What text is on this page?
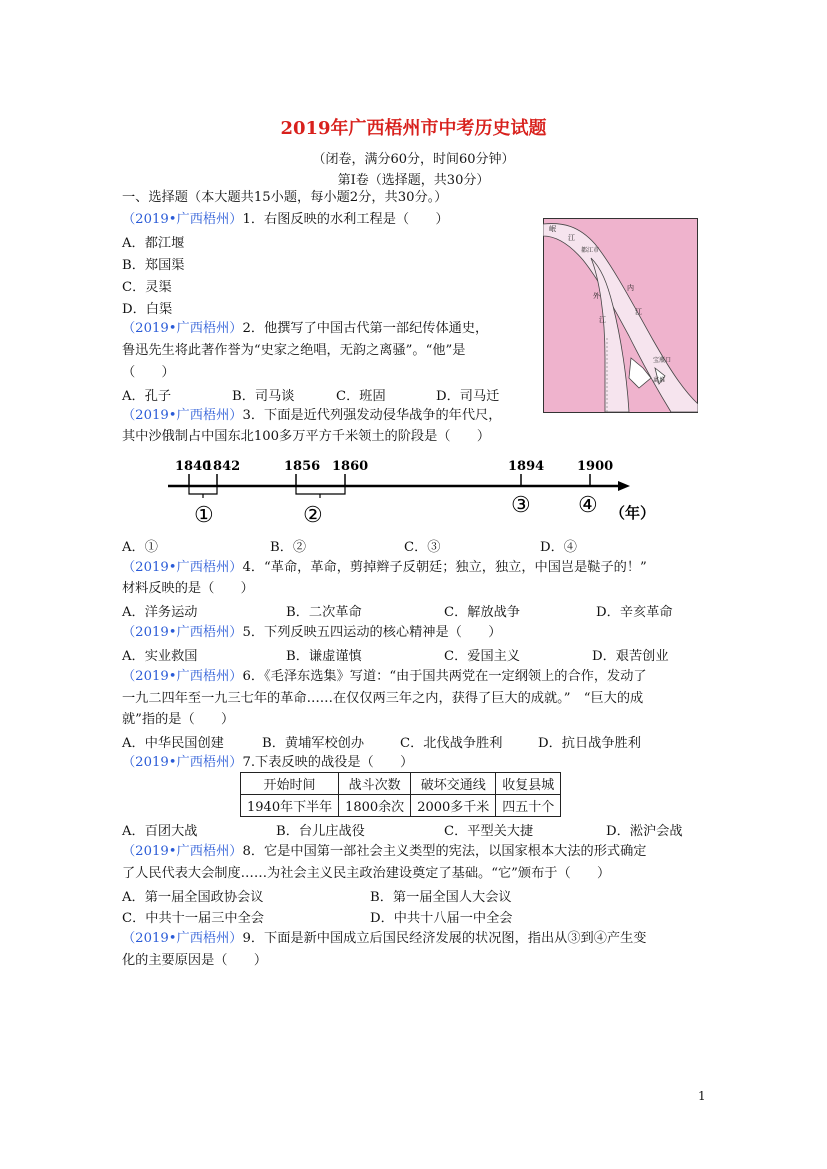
2019年广西梧州市中考历史试题
（闭卷，满分60分，时间60分钟）
第Ⅰ卷（选择题，共30分）
一、选择题（本大题共15小题，每小题2分，共30分。）
（2019•广西梧州）1．右图反映的水利工程是（　　）
A．都江堰
B．郑国渠
C．灵渠
D．白渠
岷
江
都江市
内
江
外
江
宝瓶口
离堆
（2019•广西梧州）2．他撰写了中国古代第一部纪传体通史，
鲁迅先生将此著作誉为“史家之绝唱，无韵之离骚”。“他”是
（　　）
A．孔子	B．司马谈	C．班固	D．司马迁
（2019•广西梧州）3．下面是近代列强发动侵华战争的年代尺，
其中沙俄制占中国东北100多万平方千米领土的阶段是（　　）
1840
1842	1856 1860	1894	1900
①	②	③ ④ （年）
A．①	B．②	C．③	D．④
（2019•广西梧州）4．“革命，革命，剪掉辫子反朝廷；独立，独立，中国岂是鞑子的！”
材料反映的是（　　）
A．洋务运动	B．二次革命	C．解放战争	D．辛亥革命
（2019•广西梧州）5．下列反映五四运动的核心精神是（　　）
A．实业救国	B．谦虚谨慎	C．爱国主义	D．艰苦创业
（2019•广西梧州）6．《毛泽东选集》写道：“由于国共两党在一定纲领上的合作，发动了
一九二四年至一九三七年的革命……在仅仅两三年之内，获得了巨大的成就。”　“巨大的成
就”指的是（　　）
A．中华民国创建	B．黄埔军校创办	C．北伐战争胜利	D．抗日战争胜利
（2019•广西梧州）7.下表反映的战役是（　　）
开始时间	战斗次数	破坏交通线	收复县城
1940年下半年	1800余次	2000多千米	四五十个
A．百团大战	B．台儿庄战役	C．平型关大捷	D．淞沪会战
（2019•广西梧州）8．它是中国第一部社会主义类型的宪法，以国家根本大法的形式确定
了人民代表大会制度……为社会主义民主政治建设奠定了基础。“它”颁布于（　　）
A．第一届全国政协会议	B．第一届全国人大会议
C．中共十一届三中全会	D．中共十八届一中全会
（2019•广西梧州）9．下面是新中国成立后国民经济发展的状况图，指出从③到④产生变
化的主要原因是（　　）
1
